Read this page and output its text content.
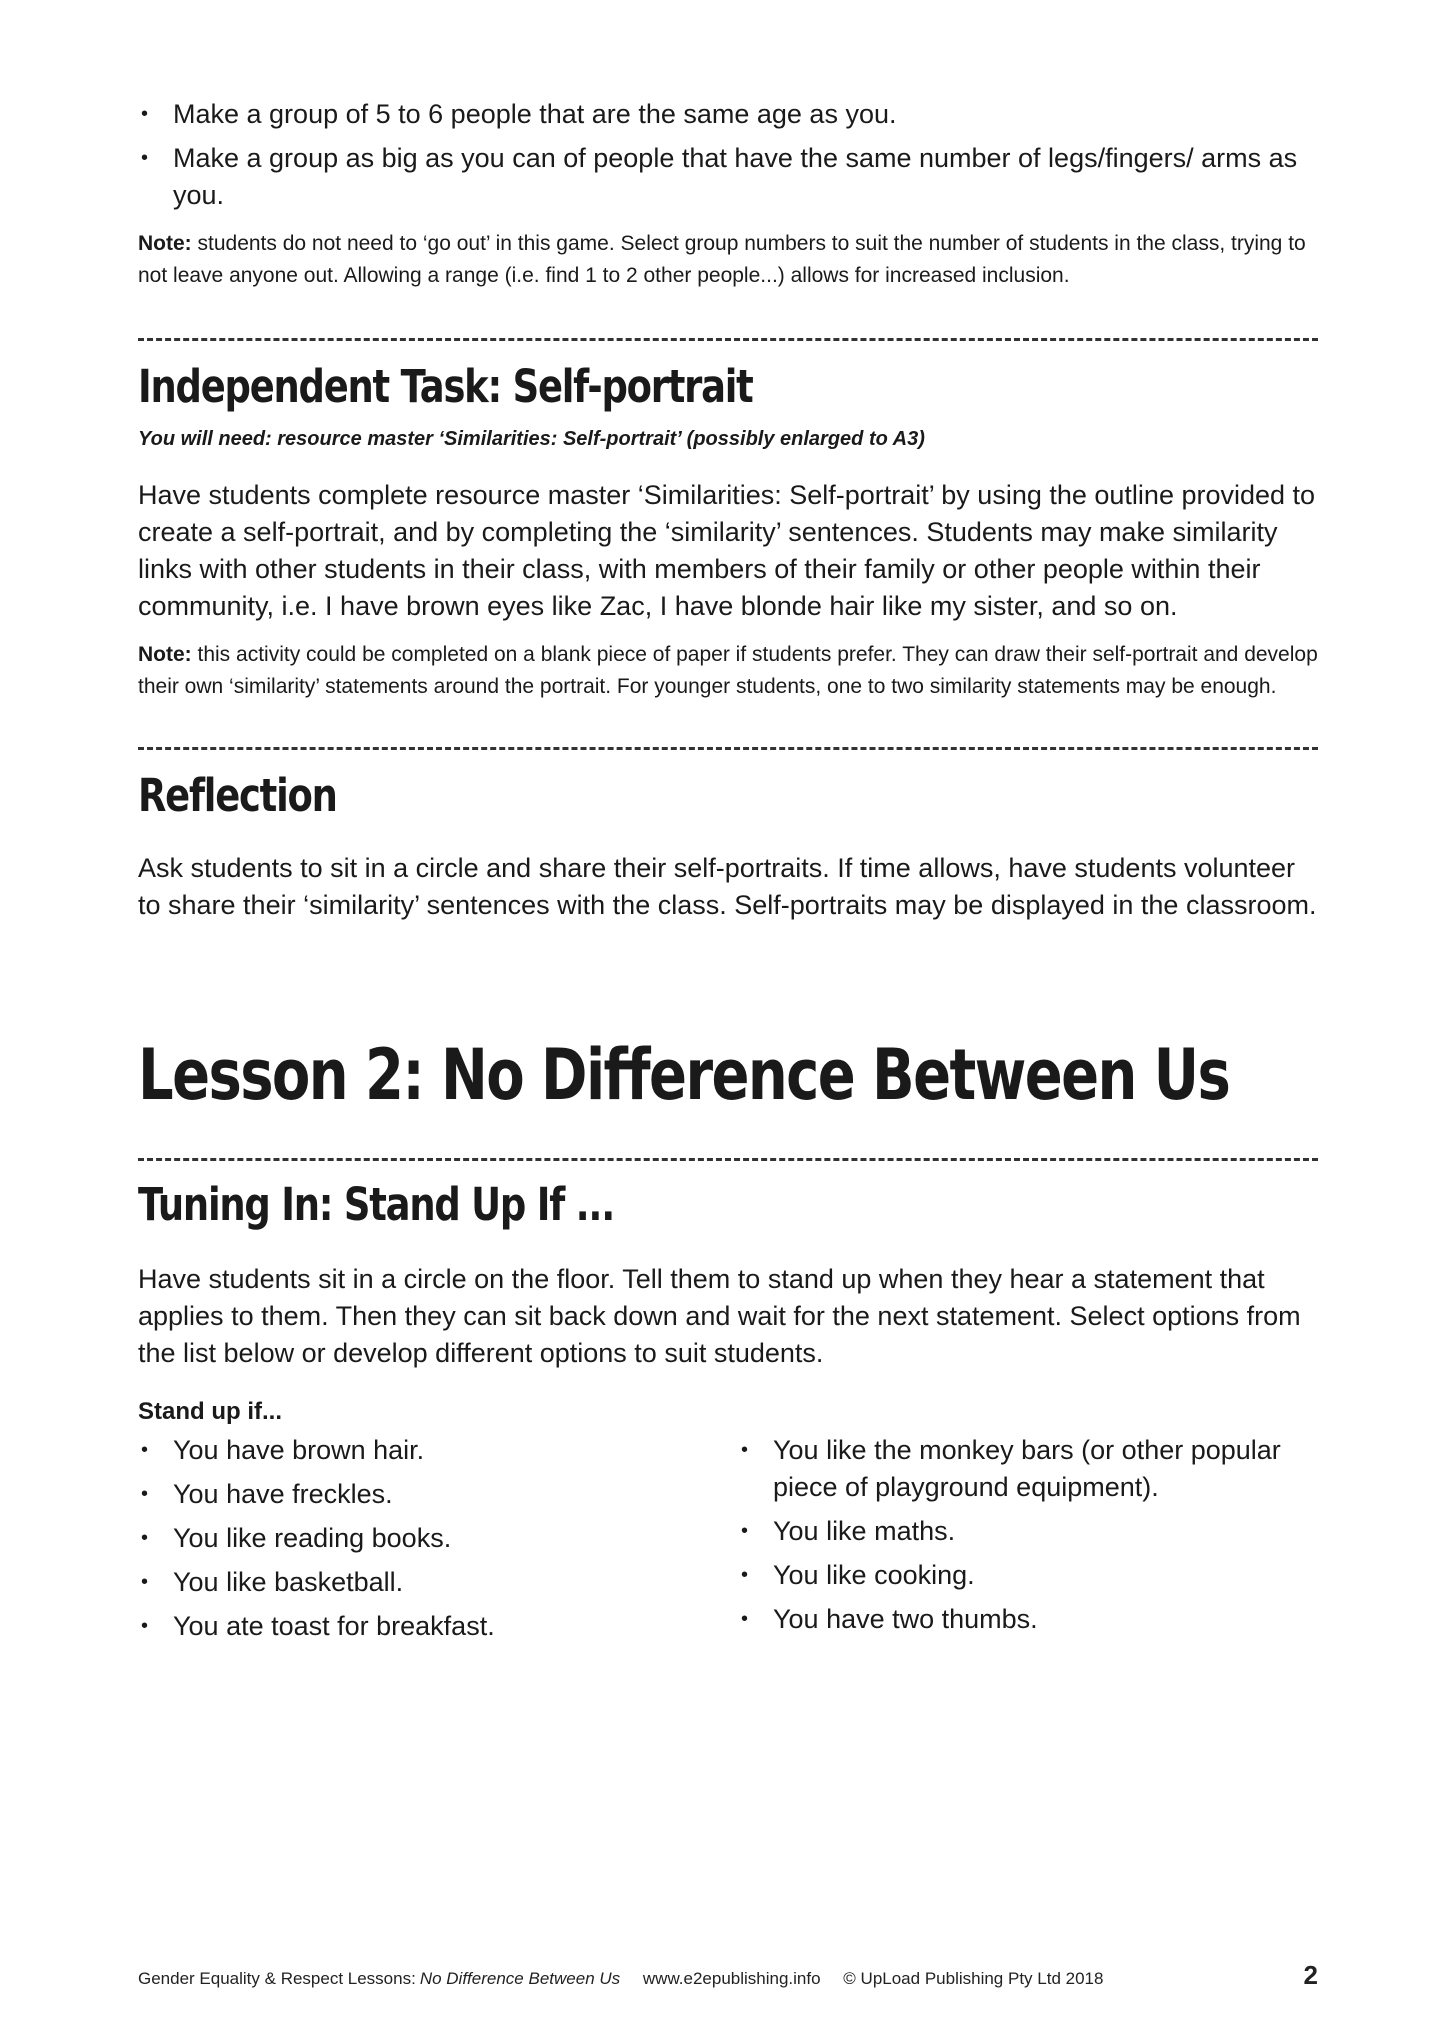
• Make a group of 5 to 6 people that are the same age as you.
• Make a group as big as you can of people that have the same number of legs/fingers/ arms as you.

Note: students do not need to ‘go out’ in this game. Select group numbers to suit the number of students in the class, trying to not leave anyone out. Allowing a range (i.e. find 1 to 2 other people...) allows for increased inclusion.

Independent Task: Self-portrait

You will need: resource master ‘Similarities: Self-portrait’ (possibly enlarged to A3)

Have students complete resource master ‘Similarities: Self-portrait’ by using the outline provided to create a self-portrait, and by completing the ‘similarity’ sentences. Students may make similarity links with other students in their class, with members of their family or other people within their community, i.e. I have brown eyes like Zac, I have blonde hair like my sister, and so on.

Note: this activity could be completed on a blank piece of paper if students prefer. They can draw their self-portrait and develop their own ‘similarity’ statements around the portrait. For younger students, one to two similarity statements may be enough.

Reflection

Ask students to sit in a circle and share their self-portraits. If time allows, have students volunteer to share their ‘similarity’ sentences with the class. Self-portraits may be displayed in the classroom.

Lesson 2: No Difference Between Us
Tuning In: Stand Up If ...

Have students sit in a circle on the floor. Tell them to stand up when they hear a statement that applies to them. Then they can sit back down and wait for the next statement. Select options from the list below or develop different options to suit students.

Stand up if...

• You have brown hair.
• You have freckles.
• You like reading books.
• You like basketball.
• You ate toast for breakfast.
• You like the monkey bars (or other popular piece of playground equipment).
• You like maths.
• You like cooking.
• You have two thumbs.
Gender Equality & Respect Lessons: No Difference Between Us www.e2epublishing.info © UpLoad Publishing Pty Ltd 2018	2
